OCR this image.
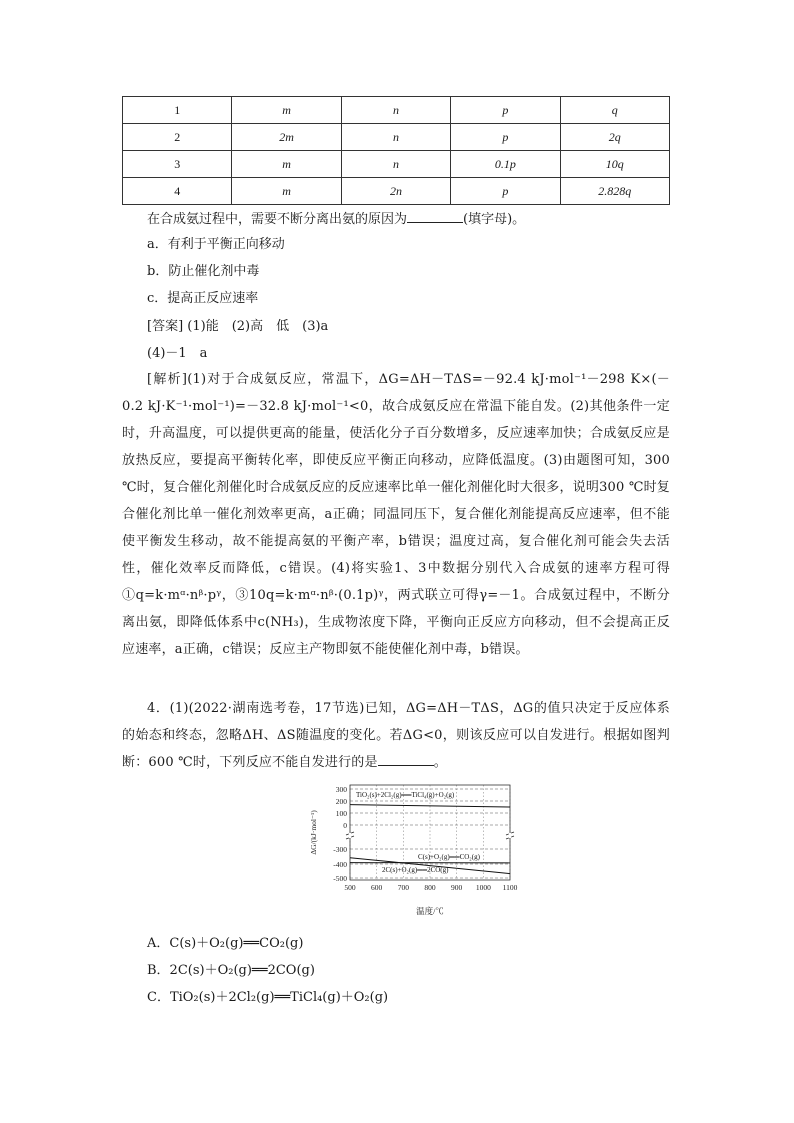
1	m	n	p	q
2	2m	n	p	2q
3	m	n	0.1p	10q
4	m	2n	p	2.828q
在合成氨过程中，需要不断分离出氨的原因为	(填字母)。
a．有利于平衡正向移动
b．防止催化剂中毒
c．提高正反应速率
[答案] (1)能　(2)高　低　(3)a
(4)－1　a
[解析](1)对于合成氨反应，常温下，ΔG=ΔH－TΔS=－92.4 kJ·mol⁻¹－298 K×(－0.2 kJ·K⁻¹·mol⁻¹)=－32.8 kJ·mol⁻¹<0，故合成氨反应在常温下能自发。(2)其他条件一定时，升高温度，可以提供更高的能量，使活化分子百分数增多，反应速率加快；合成氨反应是放热反应，要提高平衡转化率，即使反应平衡正向移动，应降低温度。(3)由题图可知，300 ℃时，复合催化剂催化时合成氨反应的反应速率比单一催化剂催化时大很多，说明300 ℃时复合催化剂比单一催化剂效率更高，a正确；同温同压下，复合催化剂能提高反应速率，但不能使平衡发生移动，故不能提高氨的平衡产率，b错误；温度过高，复合催化剂可能会失去活性，催化效率反而降低，c错误。(4)将实验1、3中数据分别代入合成氨的速率方程可得①q=k·mᵅ·nᵝ·pᵞ，③10q=k·mᵅ·nᵝ·(0.1p)ᵞ，两式联立可得γ=－1。合成氨过程中，不断分离出氨，即降低体系中c(NH₃)，生成物浓度下降，平衡向正反应方向移动，但不会提高正反应速率，a正确，c错误；反应主产物即氨不能使催化剂中毒，b错误。
4．(1)(2022·湖南选考卷，17节选)已知，ΔG=ΔH－TΔS，ΔG的值只决定于反应体系的始态和终态，忽略ΔH、ΔS随温度的变化。若ΔG<0，则该反应可以自发进行。根据如图判断：600 ℃时，下列反应不能自发进行的是	。
300
200
100
0
-300
-400
-500
500 600 700 800 900 1000 1100
TiO₂(s)+2Cl₂(g)══TiCl₄(g)+O₂(g)
C(s)+O₂(g)══CO₂(g)
2C(s)+O₂(g)══2CO(g)
温度/℃
ΔG/(kJ·mol⁻¹)
A．C(s)＋O₂(g)══CO₂(g)
B．2C(s)＋O₂(g)══2CO(g)
C．TiO₂(s)＋2Cl₂(g)══TiCl₄(g)＋O₂(g)
